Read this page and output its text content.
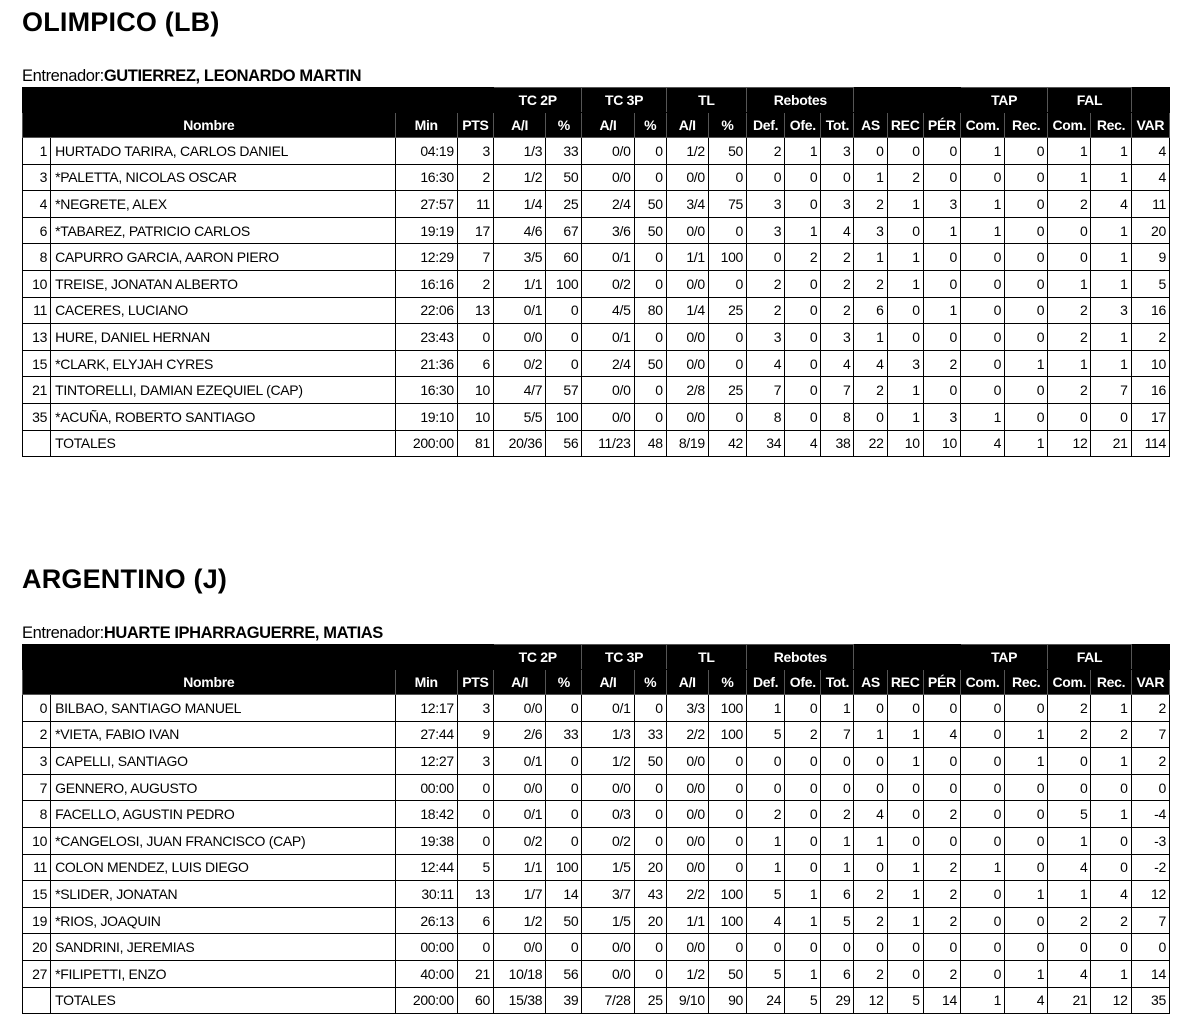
OLIMPICO (LB)
Entrenador:GUTIERREZ, LEONARDO MARTIN
				TC 2P		TC 3P		TL		Rebotes						TAP		FAL		
Nombre		Min	PTS	A/I	%	A/I	%	A/I	%	Def.	Ofe.	Tot.	AS	REC	PÉR	Com.	Rec.	Com.	Rec.	VAR
1	HURTADO TARIRA, CARLOS DANIEL	04:19	3	1/3	33	0/0	0	1/2	50	2	1	3	0	0	0	1	0	1	1	4
3	*PALETTA, NICOLAS OSCAR	16:30	2	1/2	50	0/0	0	0/0	0	0	0	0	1	2	0	0	0	1	1	4
4	*NEGRETE, ALEX	27:57	11	1/4	25	2/4	50	3/4	75	3	0	3	2	1	3	1	0	2	4	11
6	*TABAREZ, PATRICIO CARLOS	19:19	17	4/6	67	3/6	50	0/0	0	3	1	4	3	0	1	1	0	0	1	20
8	CAPURRO GARCIA, AARON PIERO	12:29	7	3/5	60	0/1	0	1/1	100	0	2	2	1	1	0	0	0	0	1	9
10	TREISE, JONATAN ALBERTO	16:16	2	1/1	100	0/2	0	0/0	0	2	0	2	2	1	0	0	0	1	1	5
11	CACERES, LUCIANO	22:06	13	0/1	0	4/5	80	1/4	25	2	0	2	6	0	1	0	0	2	3	16
13	HURE, DANIEL HERNAN	23:43	0	0/0	0	0/1	0	0/0	0	3	0	3	1	0	0	0	0	2	1	2
15	*CLARK, ELYJAH CYRES	21:36	6	0/2	0	2/4	50	0/0	0	4	0	4	4	3	2	0	1	1	1	10
21	TINTORELLI, DAMIAN EZEQUIEL (CAP)	16:30	10	4/7	57	0/0	0	2/8	25	7	0	7	2	1	0	0	0	2	7	16
35	*ACUÑA, ROBERTO SANTIAGO	19:10	10	5/5	100	0/0	0	0/0	0	8	0	8	0	1	3	1	0	0	0	17
	TOTALES	200:00	81	20/36	56	11/23	48	8/19	42	34	4	38	22	10	10	4	1	12	21	114
ARGENTINO (J)
Entrenador:HUARTE IPHARRAGUERRE, MATIAS
				TC 2P		TC 3P		TL		Rebotes						TAP		FAL		
Nombre		Min	PTS	A/I	%	A/I	%	A/I	%	Def.	Ofe.	Tot.	AS	REC	PÉR	Com.	Rec.	Com.	Rec.	VAR
0	BILBAO, SANTIAGO MANUEL	12:17	3	0/0	0	0/1	0	3/3	100	1	0	1	0	0	0	0	0	2	1	2
2	*VIETA, FABIO IVAN	27:44	9	2/6	33	1/3	33	2/2	100	5	2	7	1	1	4	0	1	2	2	7
3	CAPELLI, SANTIAGO	12:27	3	0/1	0	1/2	50	0/0	0	0	0	0	0	1	0	0	1	0	1	2
7	GENNERO, AUGUSTO	00:00	0	0/0	0	0/0	0	0/0	0	0	0	0	0	0	0	0	0	0	0	0
8	FACELLO, AGUSTIN PEDRO	18:42	0	0/1	0	0/3	0	0/0	0	2	0	2	4	0	2	0	0	5	1	-4
10	*CANGELOSI, JUAN FRANCISCO (CAP)	19:38	0	0/2	0	0/2	0	0/0	0	1	0	1	1	0	0	0	0	1	0	-3
11	COLON MENDEZ, LUIS DIEGO	12:44	5	1/1	100	1/5	20	0/0	0	1	0	1	0	1	2	1	0	4	0	-2
15	*SLIDER, JONATAN	30:11	13	1/7	14	3/7	43	2/2	100	5	1	6	2	1	2	0	1	1	4	12
19	*RIOS, JOAQUIN	26:13	6	1/2	50	1/5	20	1/1	100	4	1	5	2	1	2	0	0	2	2	7
20	SANDRINI, JEREMIAS	00:00	0	0/0	0	0/0	0	0/0	0	0	0	0	0	0	0	0	0	0	0	0
27	*FILIPETTI, ENZO	40:00	21	10/18	56	0/0	0	1/2	50	5	1	6	2	0	2	0	1	4	1	14
	TOTALES	200:00	60	15/38	39	7/28	25	9/10	90	24	5	29	12	5	14	1	4	21	12	35
